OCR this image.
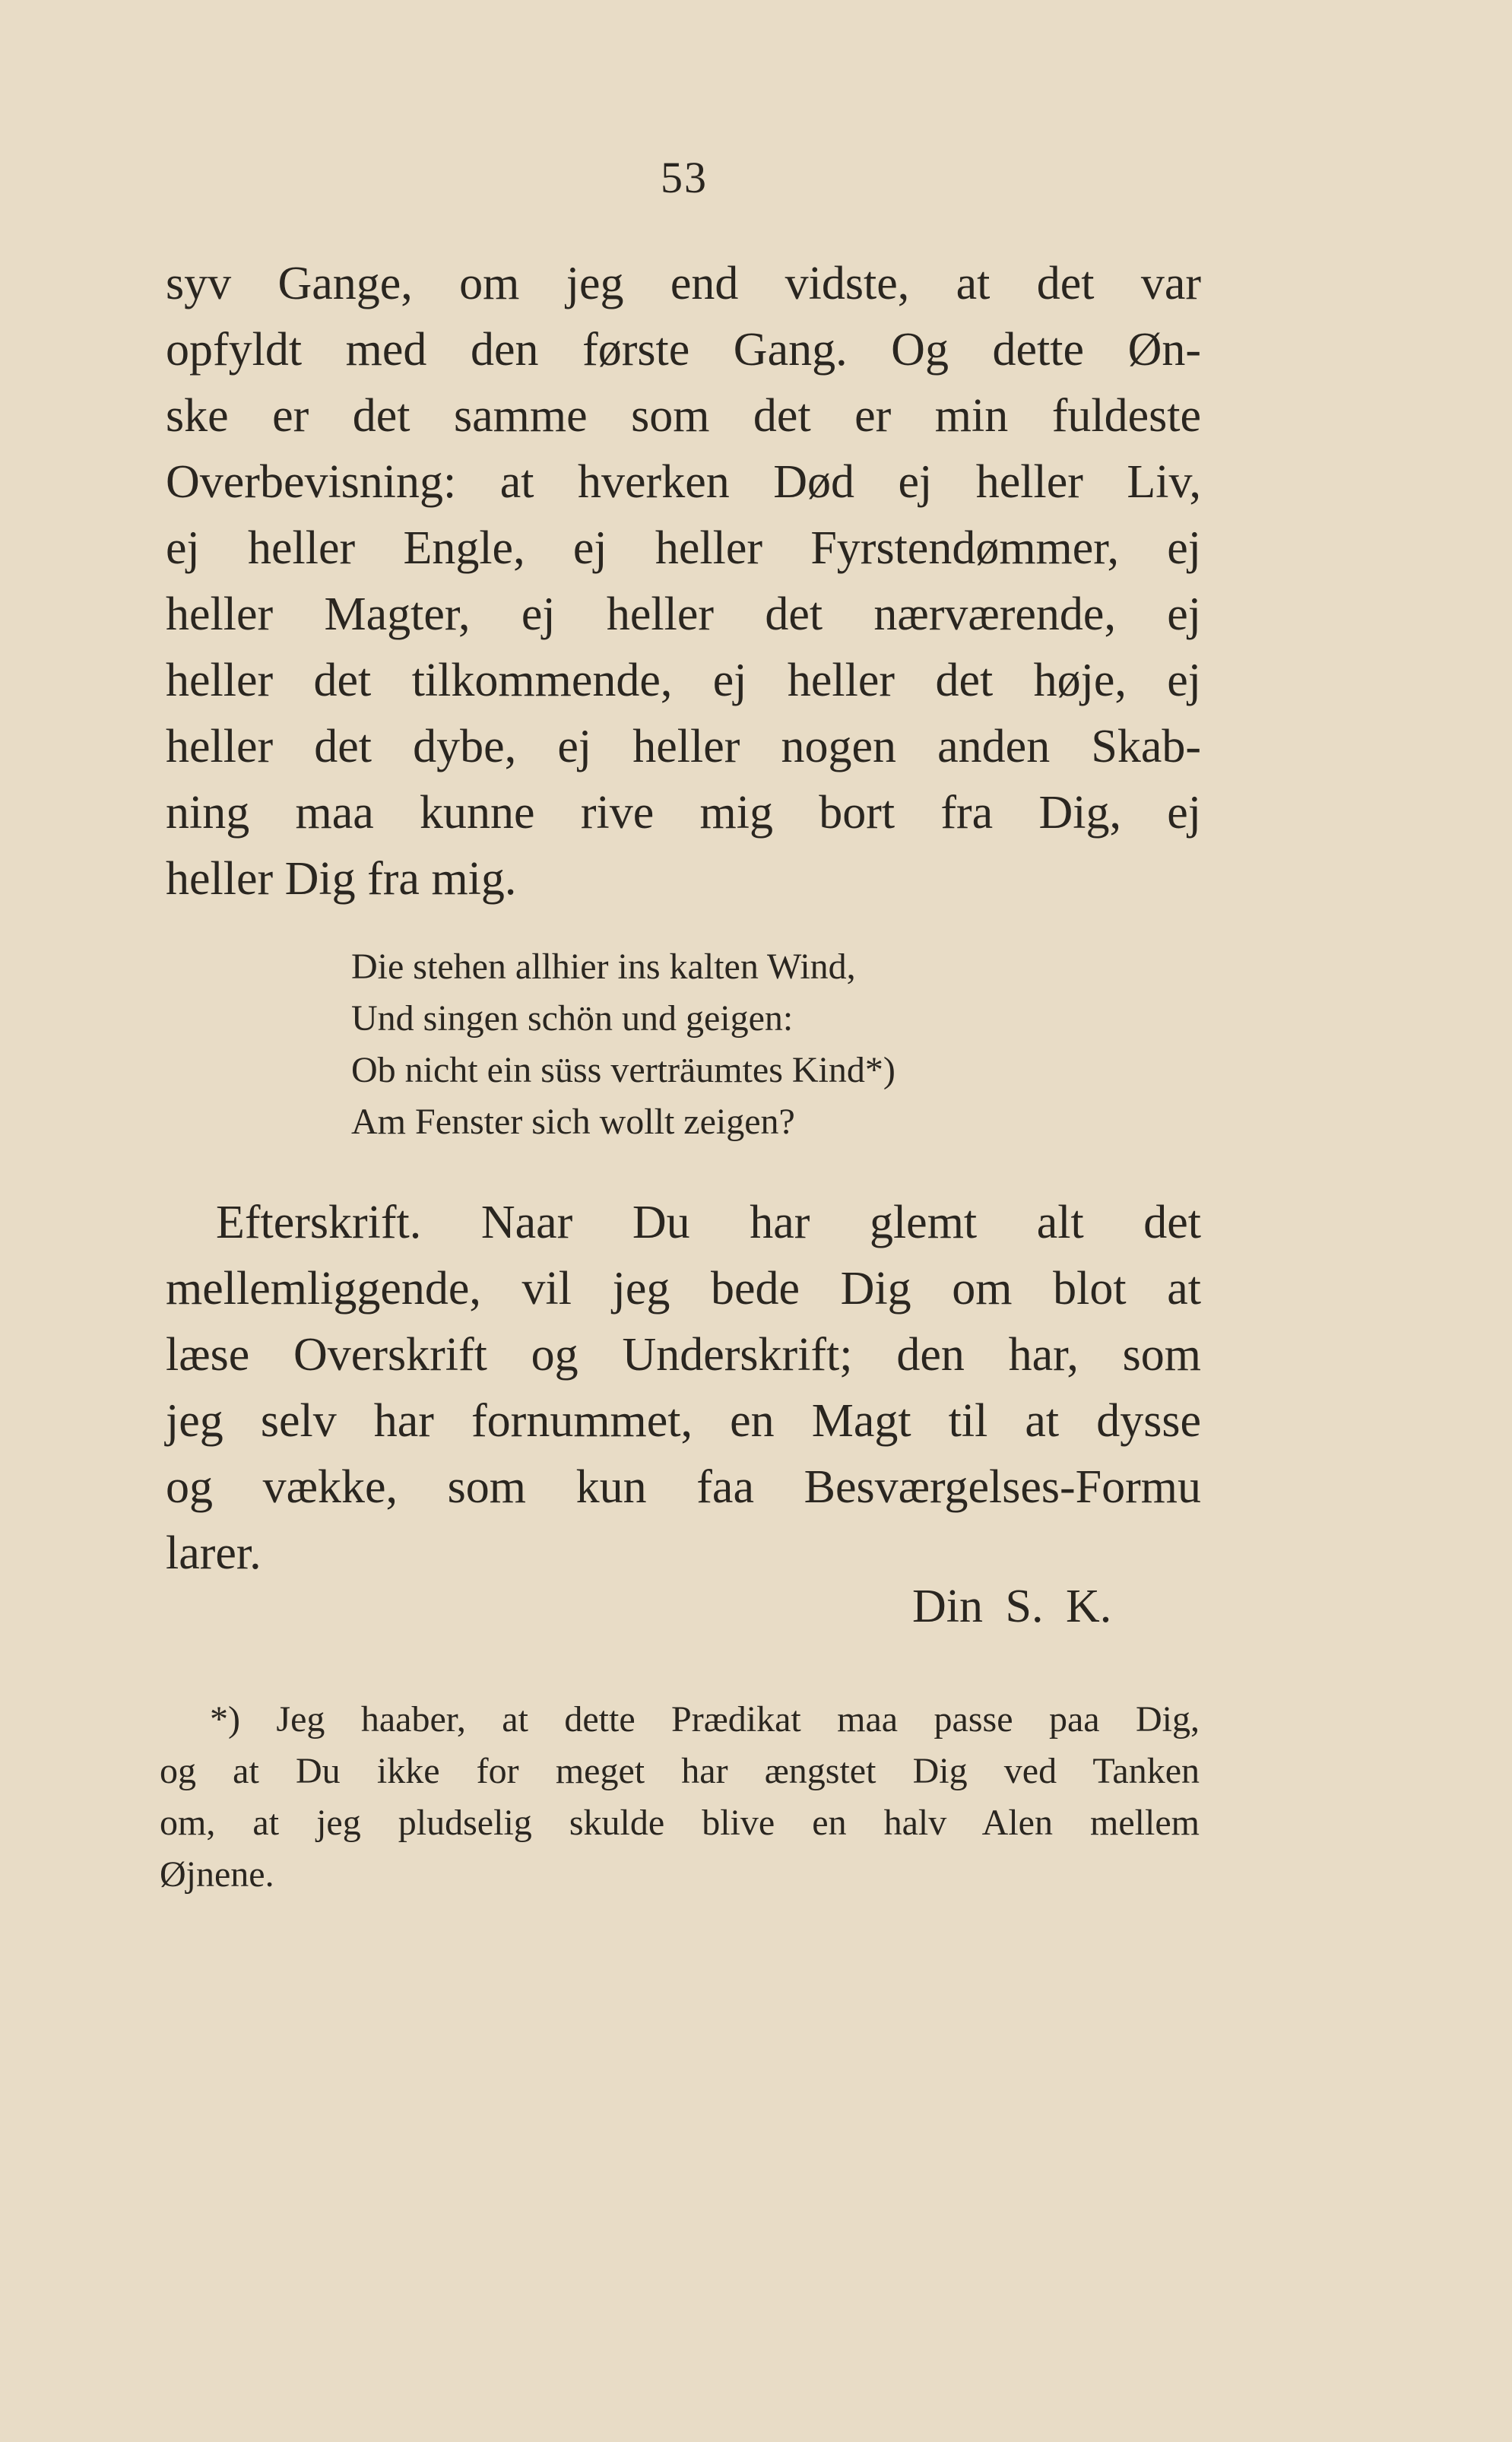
53
syv Gange, om jeg end vidste, at det var
opfyldt med den første Gang. Og dette Øn-
ske er det samme som det er min fuldeste
Overbevisning: at hverken Død ej heller Liv,
ej heller Engle, ej heller Fyrstendømmer, ej
heller Magter, ej heller det nærværende, ej
heller det tilkommende, ej heller det høje, ej
heller det dybe, ej heller nogen anden Skab-
ning maa kunne rive mig bort fra Dig, ej
heller Dig fra mig.
Die stehen allhier ins kalten Wind,
Und singen schön und geigen:
Ob nicht ein süss verträumtes Kind*)
Am Fenster sich wollt zeigen?
Efterskrift. Naar Du har glemt alt det
mellemliggende, vil jeg bede Dig om blot at
læse Overskrift og Underskrift; den har, som
jeg selv har fornummet, en Magt til at dysse
og vække, som kun faa Besværgelses-Formu
larer.
Din S. K.
*) Jeg haaber, at dette Prædikat maa passe paa Dig,
og at Du ikke for meget har ængstet Dig ved Tanken
om, at jeg pludselig skulde blive en halv Alen mellem
Øjnene.
